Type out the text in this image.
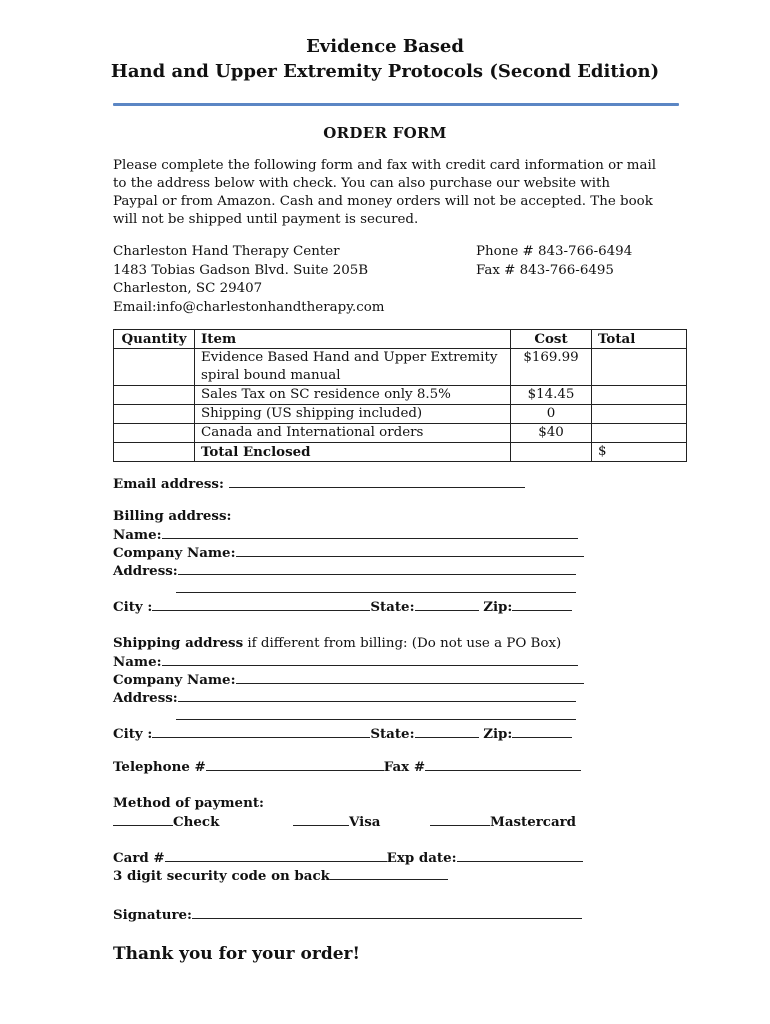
Evidence Based
Hand and Upper Extremity Protocols (Second Edition)
ORDER FORM
Please complete the following form and fax with credit card information or mail to the address below with check. You can also purchase our website with Paypal or from Amazon. Cash and money orders will not be accepted. The book will not be shipped until payment is secured.
Charleston Hand Therapy Center
1483 Tobias Gadson Blvd. Suite 205B
Charleston, SC 29407
Email:info@charlestonhandtherapy.com
Phone # 843-766-6494
Fax # 843-766-6495
Quantity	Item	Cost	Total
	Evidence Based Hand and Upper Extremity spiral bound manual	$169.99	
	Sales Tax on SC residence only 8.5%	$14.45	
	Shipping (US shipping included)	0	
	Canada and International orders	$40	
	Total Enclosed		$
Email address:
Billing address:
Name:
Company Name:
Address:
City :	State:	Zip:
Shipping address if different from billing: (Do not use a PO Box)
Name:
Company Name:
Address:
City :	State:	Zip:
Telephone #	Fax #
Method of payment:
Check	Visa	Mastercard
Card #	Exp date:
3 digit security code on back
Signature:
Thank you for your order!
